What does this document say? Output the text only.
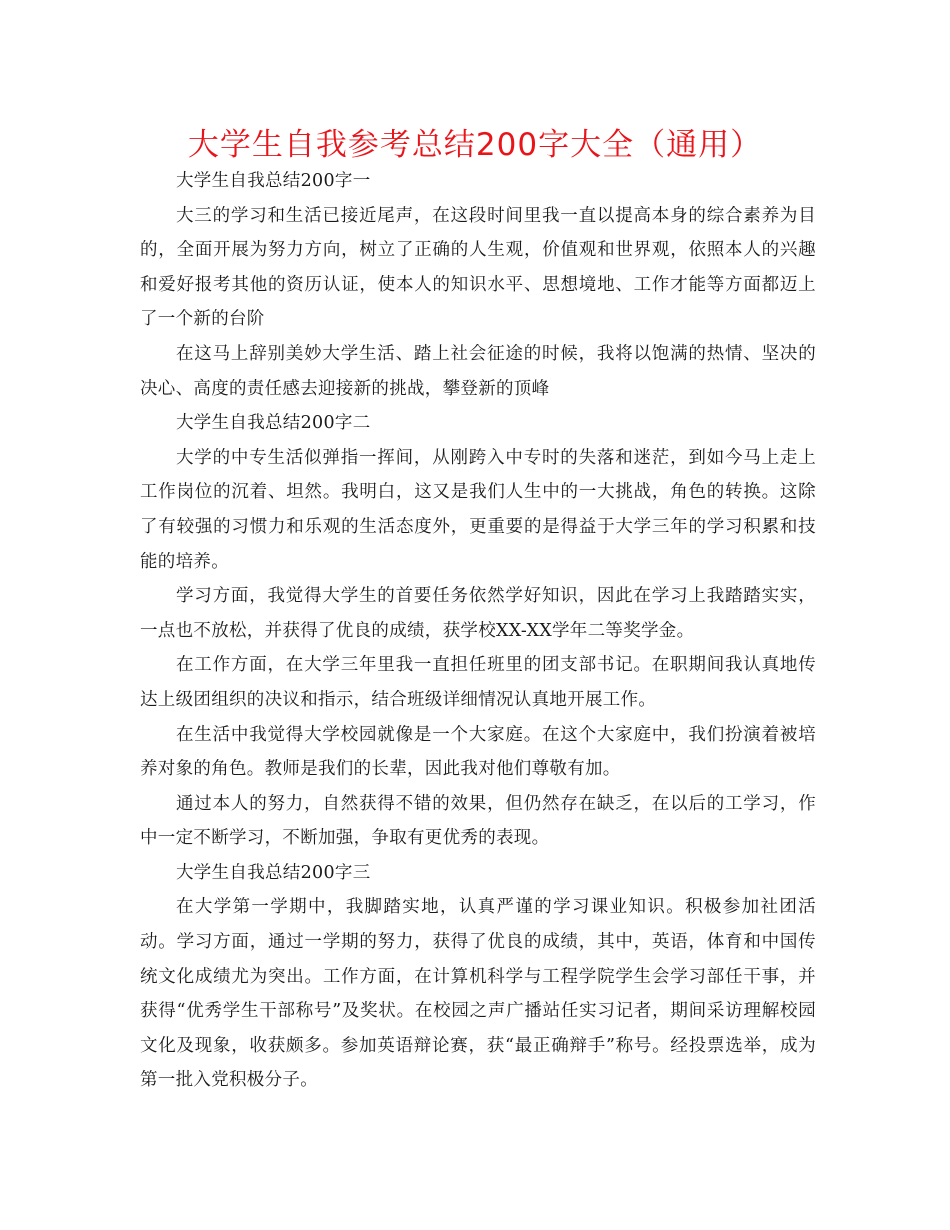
大学生自我参考总结200字大全（通用）

大学生自我总结200字一

大三的学习和生活已接近尾声，在这段时间里我一直以提高本身的综合素养为目的，全面开展为努力方向，树立了正确的人生观，价值观和世界观，依照本人的兴趣和爱好报考其他的资历认证，使本人的知识水平、思想境地、工作才能等方面都迈上了一个新的台阶

在这马上辞别美妙大学生活、踏上社会征途的时候，我将以饱满的热情、坚决的决心、高度的责任感去迎接新的挑战，攀登新的顶峰

大学生自我总结200字二

大学的中专生活似弹指一挥间，从刚跨入中专时的失落和迷茫，到如今马上走上工作岗位的沉着、坦然。我明白，这又是我们人生中的一大挑战，角色的转换。这除了有较强的习惯力和乐观的生活态度外，更重要的是得益于大学三年的学习积累和技能的培养。

学习方面，我觉得大学生的首要任务依然学好知识，因此在学习上我踏踏实实，一点也不放松，并获得了优良的成绩，获学校XX-XX学年二等奖学金。

在工作方面，在大学三年里我一直担任班里的团支部书记。在职期间我认真地传达上级团组织的决议和指示，结合班级详细情况认真地开展工作。

在生活中我觉得大学校园就像是一个大家庭。在这个大家庭中，我们扮演着被培养对象的角色。教师是我们的长辈，因此我对他们尊敬有加。

通过本人的努力，自然获得不错的效果，但仍然存在缺乏，在以后的工学习，作中一定不断学习，不断加强，争取有更优秀的表现。

大学生自我总结200字三

在大学第一学期中，我脚踏实地，认真严谨的学习课业知识。积极参加社团活动。学习方面，通过一学期的努力，获得了优良的成绩，其中，英语，体育和中国传统文化成绩尤为突出。工作方面，在计算机科学与工程学院学生会学习部任干事，并获得“优秀学生干部称号”及奖状。在校园之声广播站任实习记者，期间采访理解校园文化及现象，收获颇多。参加英语辩论赛，获“最正确辩手”称号。经投票选举，成为第一批入党积极分子。
